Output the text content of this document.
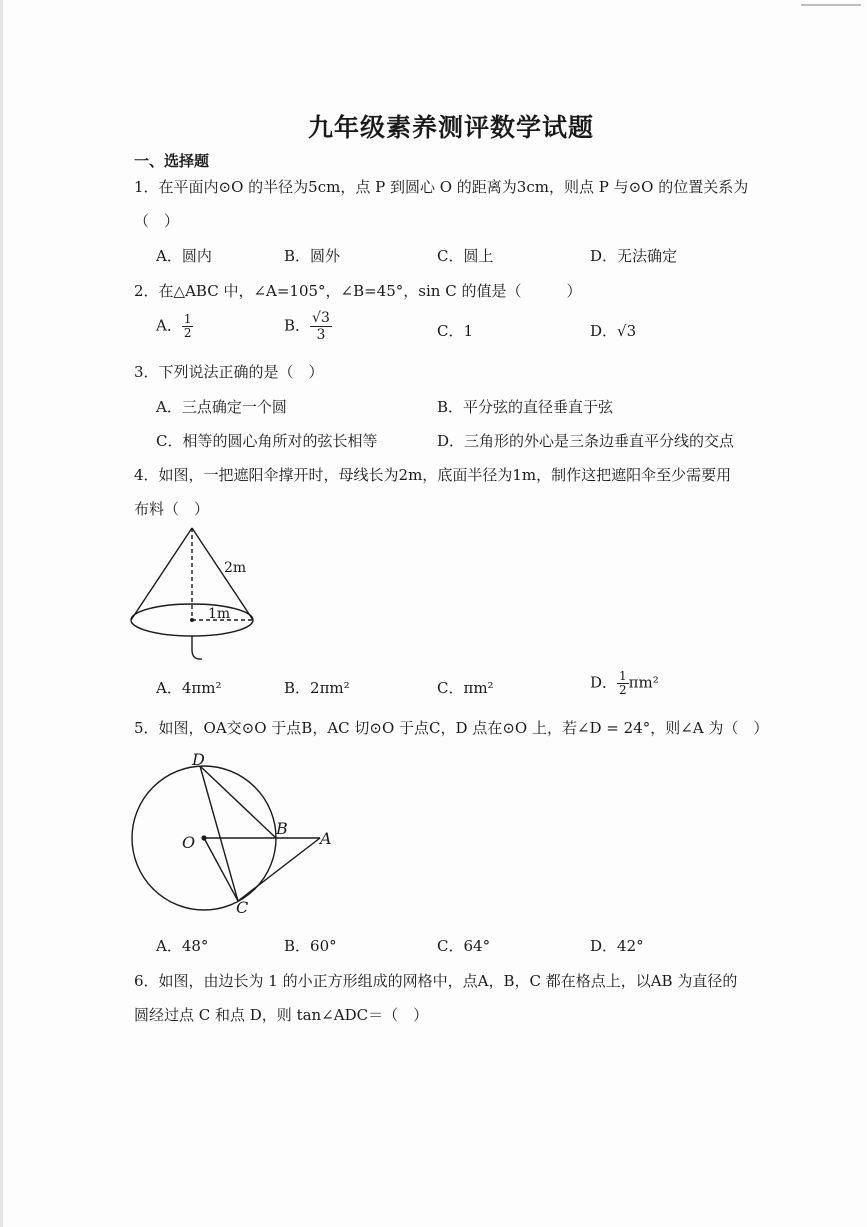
九年级素养测评数学试题
一、选择题
1．在平面内⊙O 的半径为5cm，点 P 到圆心 O 的距离为3cm，则点 P 与⊙O 的位置关系为
（　）
A．圆内	B．圆外	C．圆上	D．无法确定
2．在△ABC 中，∠A=105°，∠B=45°，sin C 的值是（　　　）
A． $\frac{1}{2}$	B． $\frac{√3}{3}$	C．1	D．√3
3．下列说法正确的是（　）
A．三点确定一个圆	B．平分弦的直径垂直于弦
C．相等的圆心角所对的弦长相等	D．三角形的外心是三条边垂直平分线的交点
4．如图，一把遮阳伞撑开时，母线长为2m，底面半径为1m，制作这把遮阳伞至少需要用
布料（　）
2m
1m
A．4πm²	B．2πm²	C．πm²	D． $\frac{1}{2} \pi m^2$
5．如图，OA交⊙O 于点B，AC 切⊙O 于点C，D 点在⊙O 上，若∠D = 24°，则∠A 为（　）
D
O
B
A
C
A．48°	B．60°	C．64°	D．42°
6．如图，由边长为 1 的小正方形组成的网格中，点A，B，C 都在格点上，以AB 为直径的
圆经过点 C 和点 D，则 tan∠ADC＝（　）
